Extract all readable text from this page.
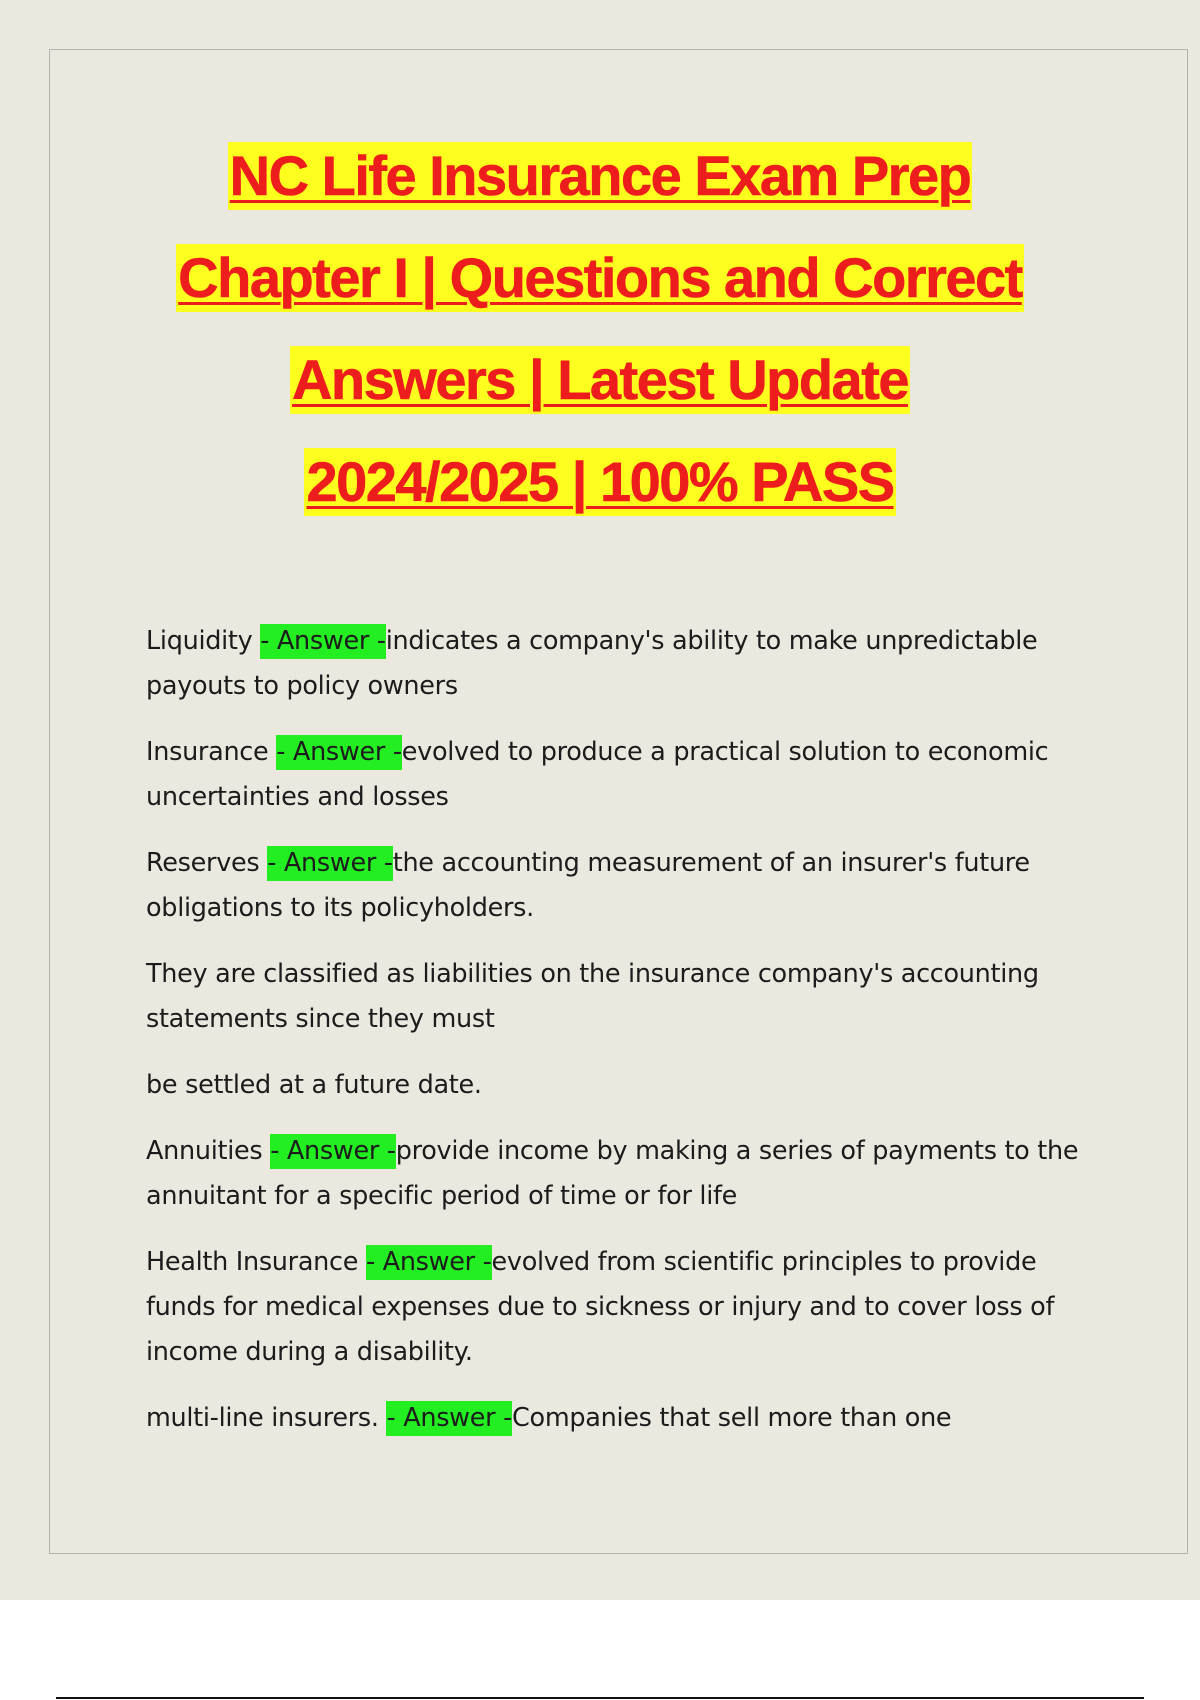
NC Life Insurance Exam Prep
Chapter I | Questions and Correct
Answers | Latest Update
2024/2025 | 100% PASS

Liquidity - Answer -indicates a company's ability to make unpredictable payouts to policy owners

Insurance - Answer -evolved to produce a practical solution to economic uncertainties and losses

Reserves - Answer -the accounting measurement of an insurer's future obligations to its policyholders.

They are classified as liabilities on the insurance company's accounting statements since they must

be settled at a future date.

Annuities - Answer -provide income by making a series of payments to the annuitant for a specific period of time or for life

Health Insurance - Answer -evolved from scientific principles to provide funds for medical expenses due to sickness or injury and to cover loss of income during a disability.

multi-line insurers. - Answer -Companies that sell more than one
